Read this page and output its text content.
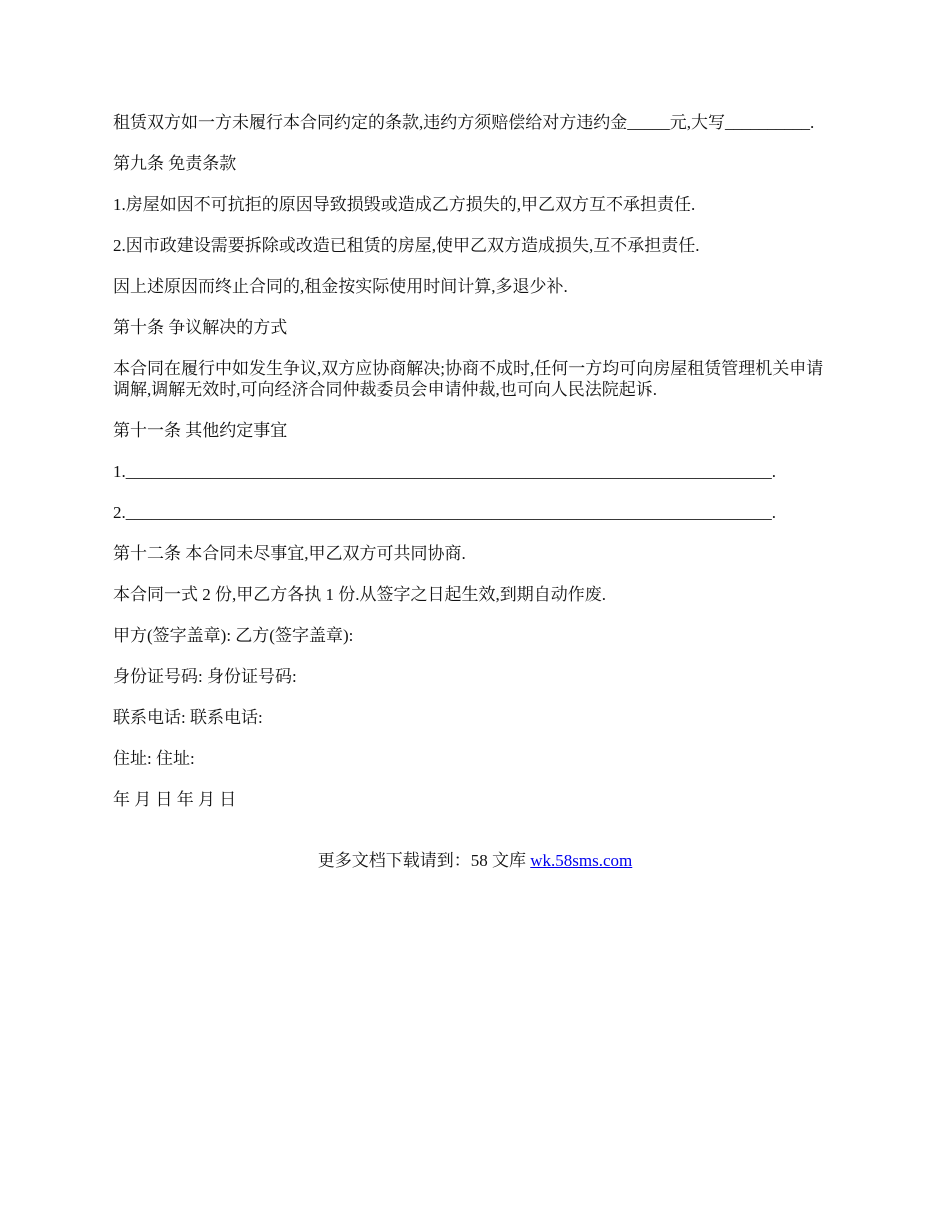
租赁双方如一方未履行本合同约定的条款,违约方须赔偿给对方违约金_____元,大写__________.

第九条 免责条款

1.房屋如因不可抗拒的原因导致损毁或造成乙方损失的,甲乙双方互不承担责任.

2.因市政建设需要拆除或改造已租赁的房屋,使甲乙双方造成损失,互不承担责任.

因上述原因而终止合同的,租金按实际使用时间计算,多退少补.

第十条 争议解决的方式

本合同在履行中如发生争议,双方应协商解决;协商不成时,任何一方均可向房屋租赁管理机关申请调解,调解无效时,可向经济合同仲裁委员会申请仲裁,也可向人民法院起诉.

第十一条 其他约定事宜

1.____________________________________________________________________________.

2.____________________________________________________________________________.

第十二条 本合同未尽事宜,甲乙双方可共同协商.

本合同一式 2 份,甲乙方各执 1 份.从签字之日起生效,到期自动作废.

甲方(签字盖章): 乙方(签字盖章):

身份证号码: 身份证号码:

联系电话: 联系电话:

住址: 住址:

年 月 日 年 月 日

更多文档下载请到：58 文库 wk.58sms.com
